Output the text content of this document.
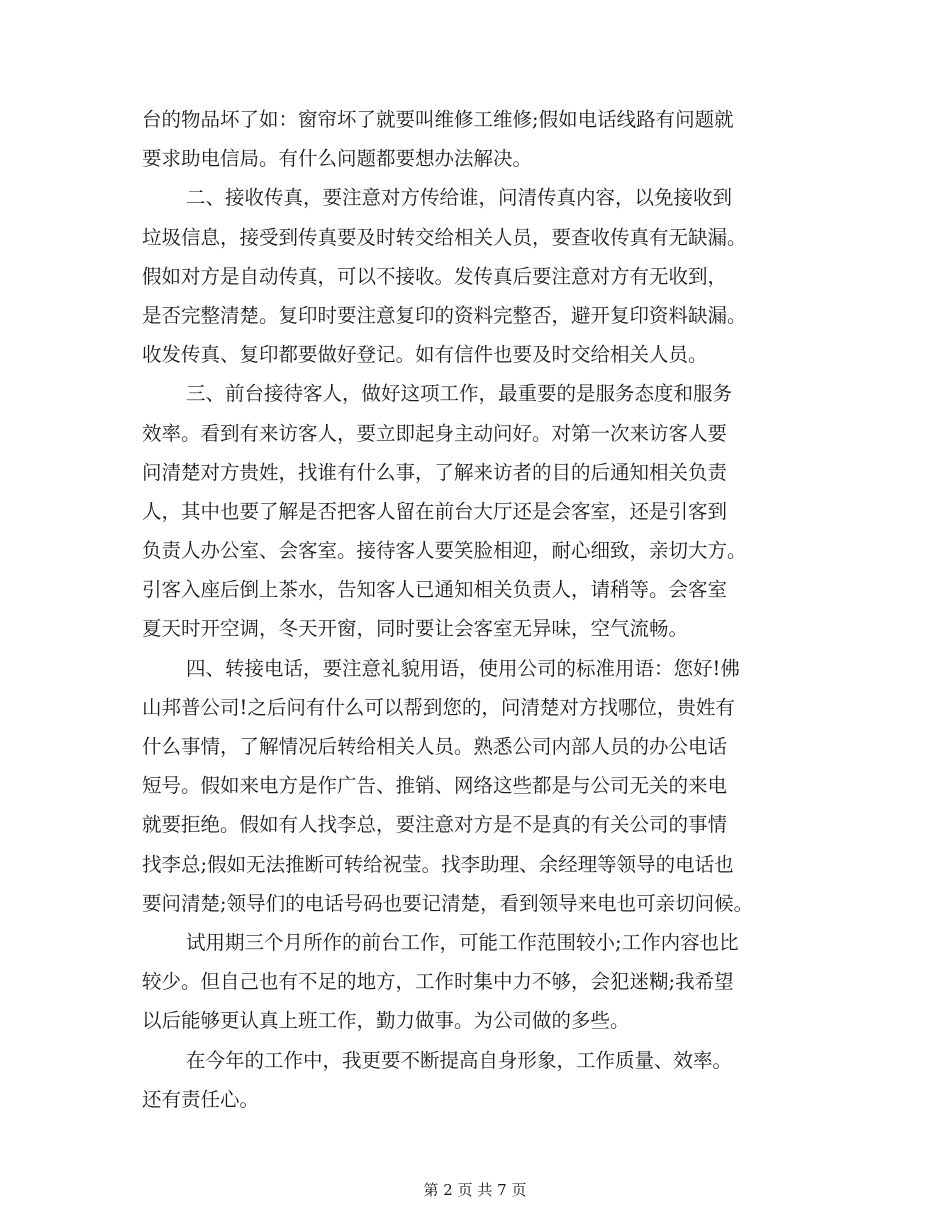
台的物品坏了如：窗帘坏了就要叫维修工维修;假如电话线路有问题就
要求助电信局。有什么问题都要想办法解决。
二、接收传真，要注意对方传给谁，问清传真内容，以免接收到
垃圾信息，接受到传真要及时转交给相关人员，要查收传真有无缺漏。
假如对方是自动传真，可以不接收。发传真后要注意对方有无收到，
是否完整清楚。复印时要注意复印的资料完整否，避开复印资料缺漏。
收发传真、复印都要做好登记。如有信件也要及时交给相关人员。
三、前台接待客人，做好这项工作，最重要的是服务态度和服务
效率。看到有来访客人，要立即起身主动问好。对第一次来访客人要
问清楚对方贵姓，找谁有什么事，了解来访者的目的后通知相关负责
人，其中也要了解是否把客人留在前台大厅还是会客室，还是引客到
负责人办公室、会客室。接待客人要笑脸相迎，耐心细致，亲切大方。
引客入座后倒上茶水，告知客人已通知相关负责人，请稍等。会客室
夏天时开空调，冬天开窗，同时要让会客室无异味，空气流畅。
四、转接电话，要注意礼貌用语，使用公司的标准用语：您好!佛
山邦普公司!之后问有什么可以帮到您的，问清楚对方找哪位，贵姓有
什么事情，了解情况后转给相关人员。熟悉公司内部人员的办公电话
短号。假如来电方是作广告、推销、网络这些都是与公司无关的来电
就要拒绝。假如有人找李总，要注意对方是不是真的有关公司的事情
找李总;假如无法推断可转给祝莹。找李助理、余经理等领导的电话也
要问清楚;领导们的电话号码也要记清楚，看到领导来电也可亲切问候。
试用期三个月所作的前台工作，可能工作范围较小;工作内容也比
较少。但自己也有不足的地方，工作时集中力不够，会犯迷糊;我希望
以后能够更认真上班工作，勤力做事。为公司做的多些。
在今年的工作中，我更要不断提高自身形象，工作质量、效率。
还有责任心。
第 2 页 共 7 页
